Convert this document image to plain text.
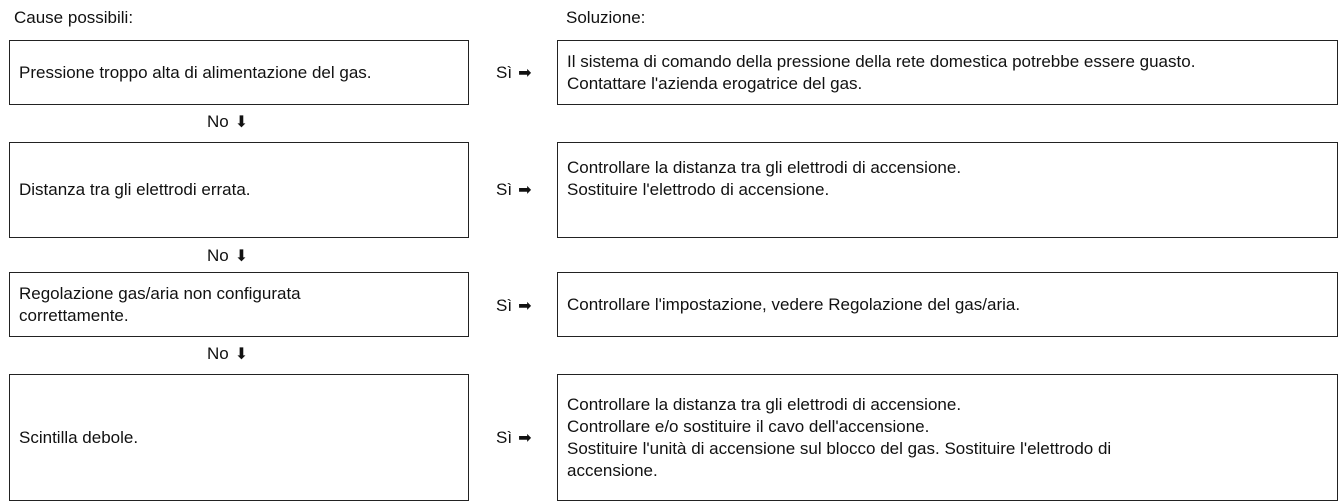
Cause possibili:	Soluzione:
Pressione troppo alta di alimentazione del gas.	Sì ➡
Il sistema di comando della pressione della rete domestica potrebbe essere guasto.
Contattare l'azienda erogatrice del gas.
No ⬇
Distanza tra gli elettrodi errata.	Sì ➡
Controllare la distanza tra gli elettrodi di accensione.
Sostituire l'elettrodo di accensione.
No ⬇
Regolazione gas/aria non configurata correttamente.	Sì ➡ Controllare l'impostazione, vedere Regolazione del gas/aria.
No ⬇
Scintilla debole.	Sì ➡
Controllare la distanza tra gli elettrodi di accensione.
Controllare e/o sostituire il cavo dell'accensione.
Sostituire l'unità di accensione sul blocco del gas. Sostituire l'elettrodo di accensione.
